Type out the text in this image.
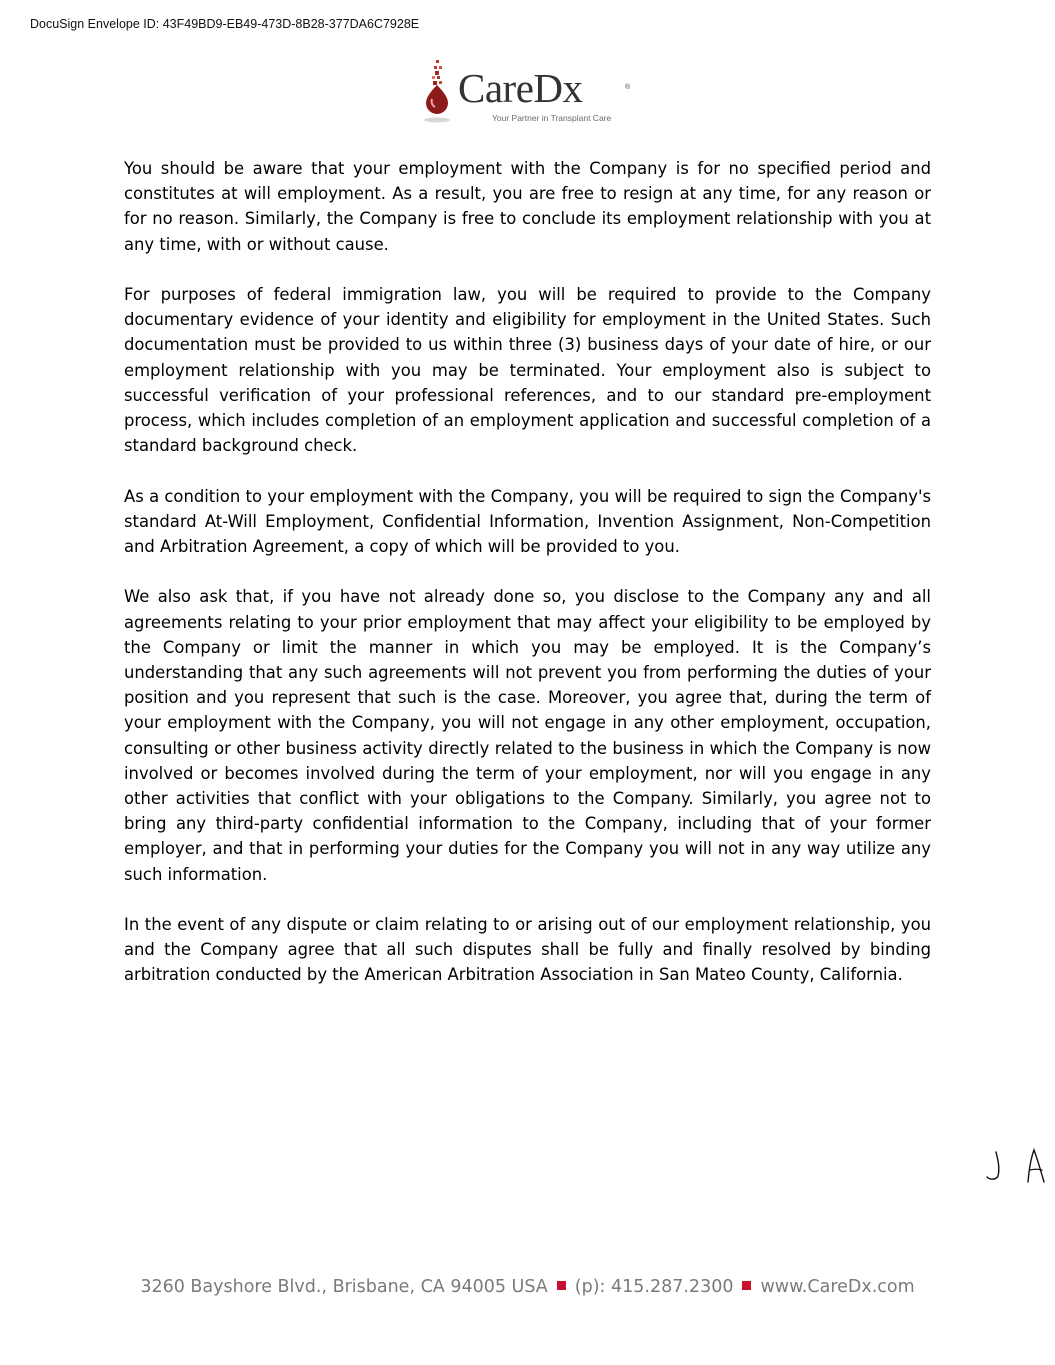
DocuSign Envelope ID: 43F49BD9-EB49-473D-8B28-377DA6C7928E
CareDx	®
Your Partner in Transplant Care

You should be aware that your employment with the Company is for no specified period and constitutes at will employment. As a result, you are free to resign at any time, for any reason or for no reason. Similarly, the Company is free to conclude its employment relationship with you at any time, with or without cause.

For purposes of federal immigration law, you will be required to provide to the Company documentary evidence of your identity and eligibility for employment in the United States. Such documentation must be provided to us within three (3) business days of your date of hire, or our employment relationship with you may be terminated. Your employment also is subject to successful verification of your professional references, and to our standard pre-employment process, which includes completion of an employment application and successful completion of a standard background check.

As a condition to your employment with the Company, you will be required to sign the Company's standard At-Will Employment, Confidential Information, Invention Assignment, Non-Competition and Arbitration Agreement, a copy of which will be provided to you.

We also ask that, if you have not already done so, you disclose to the Company any and all agreements relating to your prior employment that may affect your eligibility to be employed by the Company or limit the manner in which you may be employed. It is the Company’s understanding that any such agreements will not prevent you from performing the duties of your position and you represent that such is the case. Moreover, you agree that, during the term of your employment with the Company, you will not engage in any other employment, occupation, consulting or other business activity directly related to the business in which the Company is now involved or becomes involved during the term of your employment, nor will you engage in any other activities that conflict with your obligations to the Company. Similarly, you agree not to bring any third-party confidential information to the Company, including that of your former employer, and that in performing your duties for the Company you will not in any way utilize any such information.

In the event of any dispute or claim relating to or arising out of our employment relationship, you and the Company agree that all such disputes shall be fully and finally resolved by binding arbitration conducted by the American Arbitration Association in San Mateo County, California.

3260 Bayshore Blvd., Brisbane, CA 94005 USA (p): 415.287.2300 www.CareDx.com
